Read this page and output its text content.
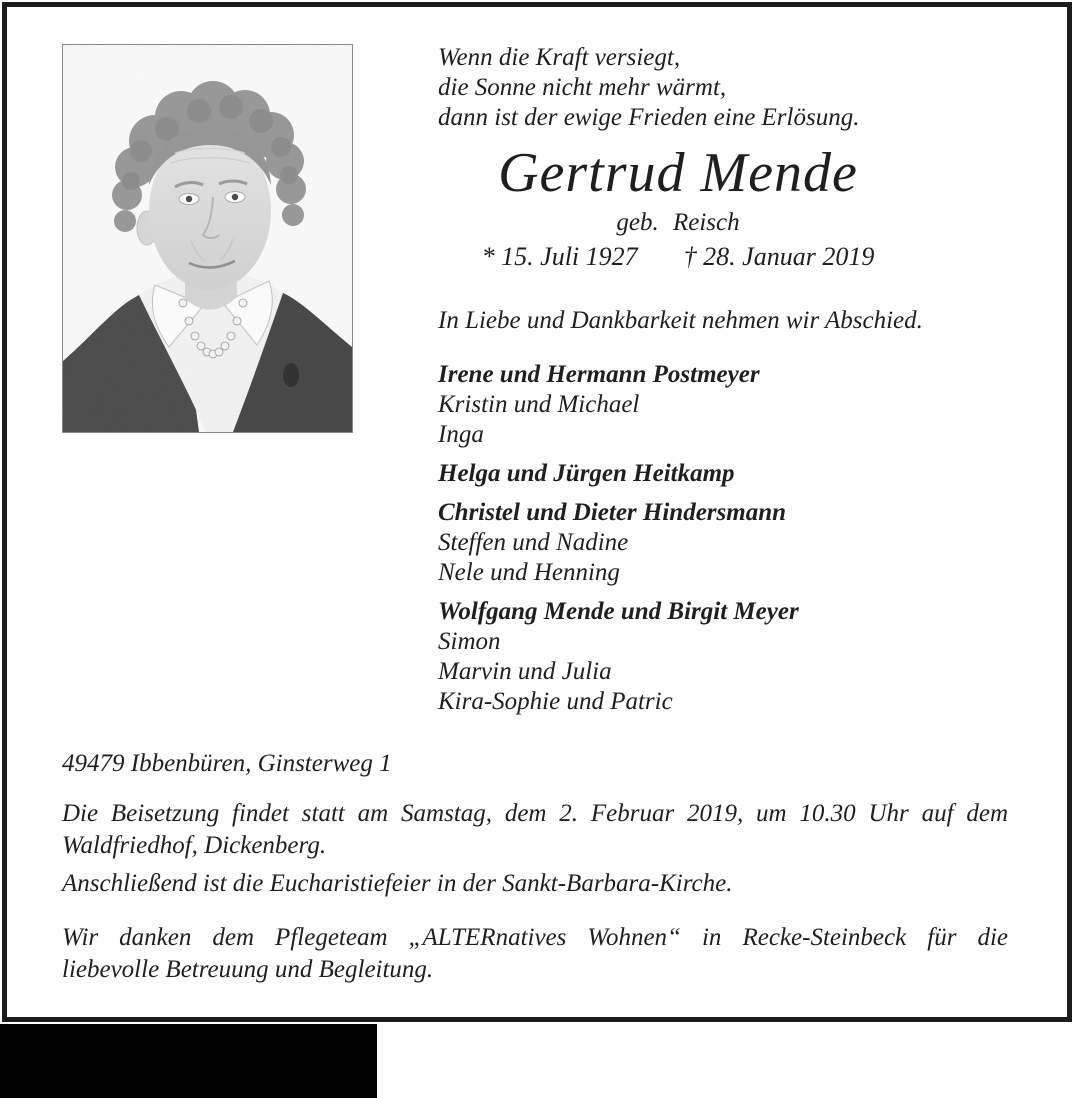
Wenn die Kraft versiegt,
die Sonne nicht mehr wärmt,
dann ist der ewige Frieden eine Erlösung.
Gertrud Mende
geb. Reisch
* 15. Juli 1927 † 28. Januar 2019
In Liebe und Dankbarkeit nehmen wir Abschied.
Irene und Hermann Postmeyer
Kristin und Michael
Inga
Helga und Jürgen Heitkamp
Christel und Dieter Hindersmann
Steffen und Nadine
Nele und Henning
Wolfgang Mende und Birgit Meyer
Simon
Marvin und Julia
Kira-Sophie und Patric
49479 Ibbenbüren, Ginsterweg 1
Die Beisetzung findet statt am Samstag, dem 2. Februar 2019, um 10.30 Uhr auf dem
Waldfriedhof, Dickenberg.
Anschließend ist die Eucharistiefeier in der Sankt-Barbara-Kirche.
Wir danken dem Pflegeteam „ALTERnatives Wohnen“ in Recke-Steinbeck für die
liebevolle Betreuung und Begleitung.
